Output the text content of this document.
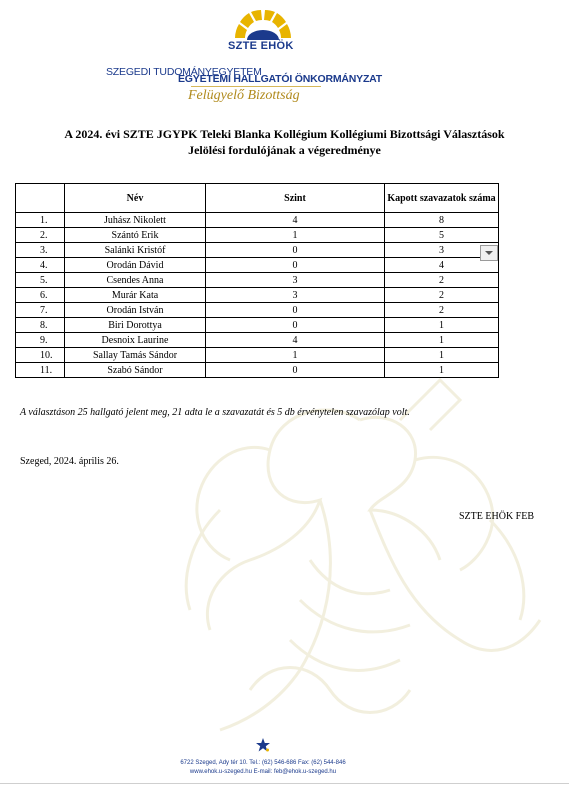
SZTE EHÖK
SZEGEDI TUDOMÁNYEGYETEM
EGYETEMI HALLGATÓI ÖNKORMÁNYZAT
Felügyelő Bizottság
A 2024. évi SZTE JGYPK Teleki Blanka Kollégium Kollégiumi Bizottsági Választások
Jelölési fordulójának a végeredménye
	Név	Szint	Kapott szavazatok száma
1.	Juhász Nikolett	4	8
2.	Szántó Erik	1	5
3.	Salánki Kristóf	0	3
4.	Orodán Dávid	0	4
5.	Csendes Anna	3	2
6.	Murár Kata	3	2
7.	Orodán István	0	2
8.	Biri Dorottya	0	1
9.	Desnoix Laurine	4	1
10.	Sallay Tamás Sándor	1	1
11.	Szabó Sándor	0	1
A választáson 25 hallgató jelent meg, 21 adta le a szavazatát és 5 db érvénytelen szavazólap volt.
Szeged, 2024. április 26.
SZTE EHÖK FEB
6722 Szeged, Ady tér 10. Tel.: (62) 546-686 Fax: (62) 544-846
www.ehok.u-szeged.hu E-mail: feb@ehok.u-szeged.hu
